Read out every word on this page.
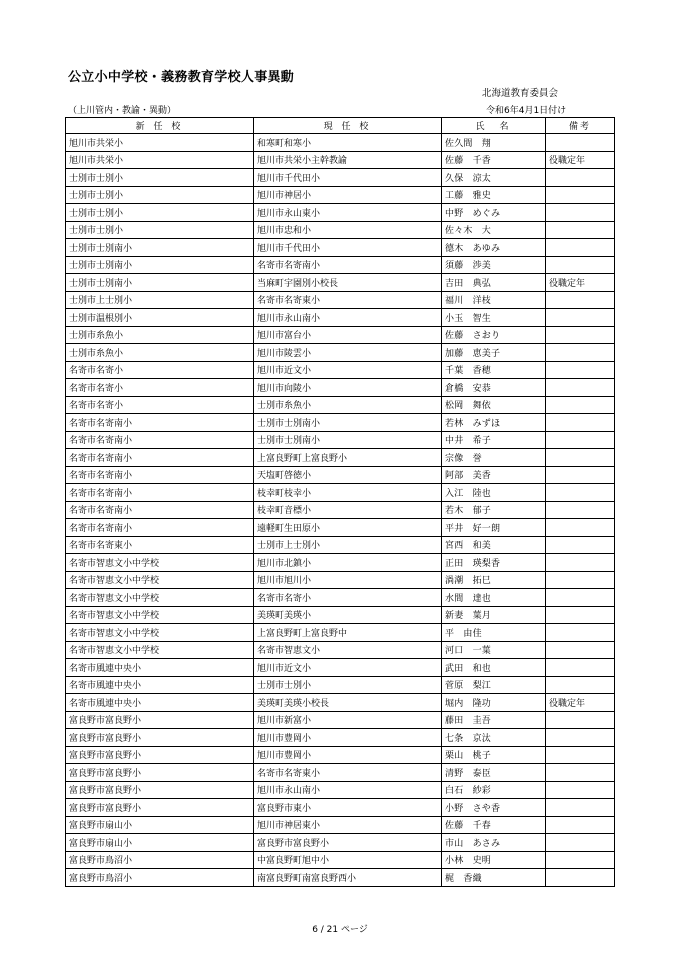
公立小中学校・義務教育学校人事異動
北海道教育委員会
（上川管内・教諭・異動）	令和6年4月1日付け
新 任 校	現 任 校	氏　名	備考
旭川市共栄小	和寒町和寒小	佐久間　翔	
旭川市共栄小	旭川市共栄小主幹教諭	佐藤　千香	役職定年
士別市士別小	旭川市千代田小	久保　涼太	
士別市士別小	旭川市神居小	工藤　雅史	
士別市士別小	旭川市永山東小	中野　めぐみ	
士別市士別小	旭川市忠和小	佐々木　大	
士別市士別南小	旭川市千代田小	德木　あゆみ	
士別市士別南小	名寄市名寄南小	須藤　渉美	
士別市士別南小	当麻町宇園別小校長	吉田　典弘	役職定年
士別市上士別小	名寄市名寄東小	福川　洋枝	
士別市温根別小	旭川市永山南小	小玉　智生	
士別市糸魚小	旭川市富台小	佐藤　さおり	
士別市糸魚小	旭川市陵雲小	加藤　恵美子	
名寄市名寄小	旭川市近文小	千葉　香穂	
名寄市名寄小	旭川市向陵小	倉橋　安恭	
名寄市名寄小	士別市糸魚小	松岡　舞依	
名寄市名寄南小	士別市士別南小	若林　みずほ	
名寄市名寄南小	士別市士別南小	中井　希子	
名寄市名寄南小	上富良野町上富良野小	宗像　誉	
名寄市名寄南小	天塩町啓徳小	阿部　美香	
名寄市名寄南小	枝幸町枝幸小	入江　陸也	
名寄市名寄南小	枝幸町音標小	若木　郁子	
名寄市名寄南小	遠軽町生田原小	平井　好一朗	
名寄市名寄東小	士別市上士別小	宮西　和美	
名寄市智恵文小中学校	旭川市北鎮小	正田　瑛梨香	
名寄市智恵文小中学校	旭川市旭川小	渦潮　拓巳	
名寄市智恵文小中学校	名寄市名寄小	水間　達也	
名寄市智恵文小中学校	美瑛町美瑛小	新妻　葉月	
名寄市智恵文小中学校	上富良野町上富良野中	平　由佳	
名寄市智恵文小中学校	名寄市智恵文小	河口　一葉	
名寄市風連中央小	旭川市近文小	武田　和也	
名寄市風連中央小	士別市士別小	菅原　梨江	
名寄市風連中央小	美瑛町美瑛小校長	堀内　隆功	役職定年
富良野市富良野小	旭川市新富小	藤田　圭吾	
富良野市富良野小	旭川市豊岡小	七条　京汰	
富良野市富良野小	旭川市豊岡小	栗山　桃子	
富良野市富良野小	名寄市名寄東小	清野　泰臣	
富良野市富良野小	旭川市永山南小	白石　紗彩	
富良野市富良野小	富良野市東小	小野　さや香	
富良野市扇山小	旭川市神居東小	佐藤　千春	
富良野市扇山小	富良野市富良野小	市山　あさみ	
富良野市鳥沼小	中富良野町旭中小	小林　史明	
富良野市鳥沼小	南富良野町南富良野西小	梶　香織	
6 / 21 ページ
